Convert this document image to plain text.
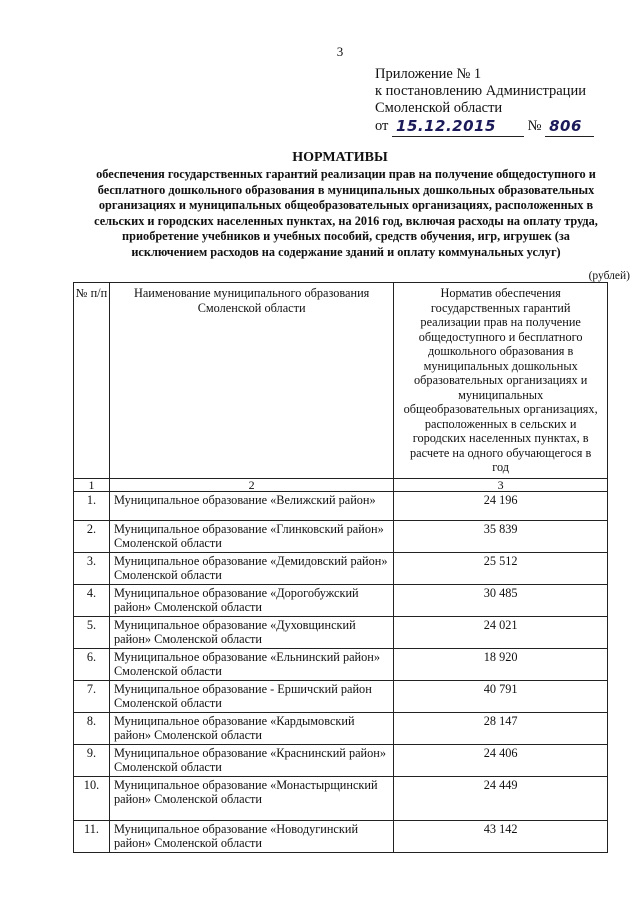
3
Приложение № 1
к постановлению Администрации
Смоленской области
от 15.12.2015 № 806
НОРМАТИВЫ
обеспечения государственных гарантий реализации прав на получение общедоступного и бесплатного дошкольного образования в муниципальных дошкольных образовательных организациях и муниципальных общеобразовательных организациях, расположенных в сельских и городских населенных пунктах, на 2016 год, включая расходы на оплату труда, приобретение учебников и учебных пособий, средств обучения, игр, игрушек (за исключением расходов на содержание зданий и оплату коммунальных услуг)
(рублей)
№ п/п	Наименование муниципального образования Смоленской области	Норматив обеспечения государственных гарантий реализации прав на получение общедоступного и бесплатного дошкольного образования в муниципальных дошкольных образовательных организациях и муниципальных общеобразовательных организациях, расположенных в сельских и городских населенных пунктах, в расчете на одного обучающегося в год
1	2	3
1.	Муниципальное образование «Велижский район»	24 196
2.	Муниципальное образование «Глинковский район» Смоленской области	35 839
3.	Муниципальное образование «Демидовский район» Смоленской области	25 512
4.	Муниципальное образование «Дорогобужский район» Смоленской области	30 485
5.	Муниципальное образование «Духовщинский район» Смоленской области	24 021
6.	Муниципальное образование «Ельнинский район» Смоленской области	18 920
7.	Муниципальное образование - Ершичский район Смоленской области	40 791
8.	Муниципальное образование «Кардымовский район» Смоленской области	28 147
9.	Муниципальное образование «Краснинский район» Смоленской области	24 406
10.	Муниципальное образование «Монастырщинский район» Смоленской области	24 449
11.	Муниципальное образование «Новодугинский район» Смоленской области	43 142
